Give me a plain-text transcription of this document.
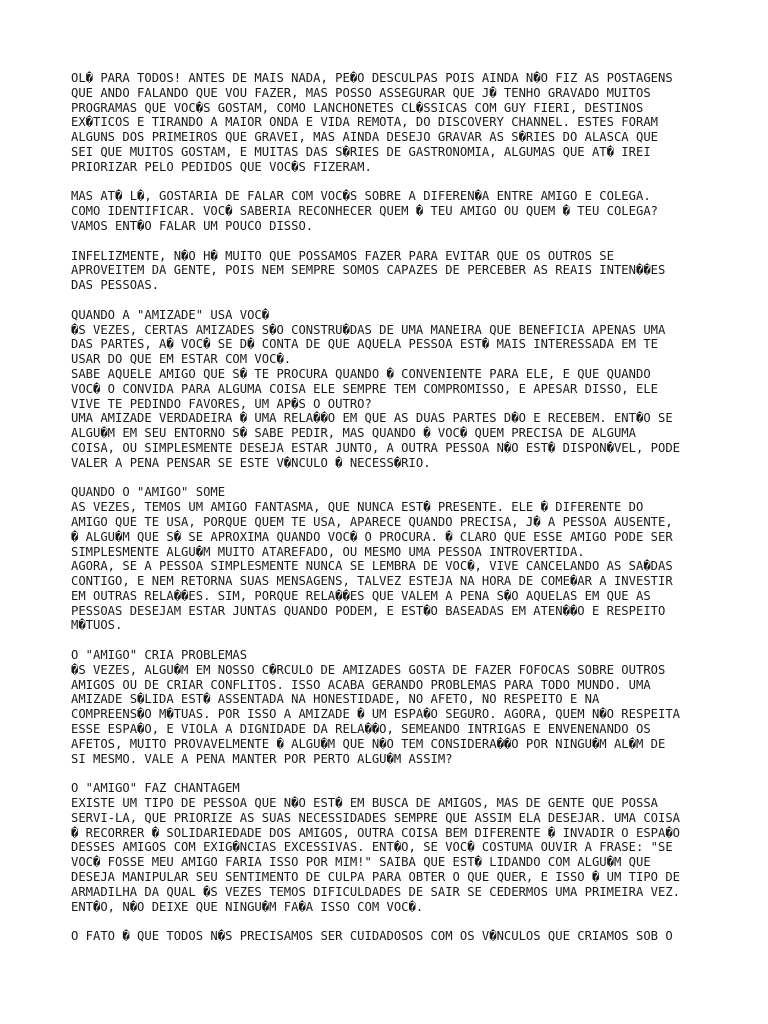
OL� PARA TODOS! ANTES DE MAIS NADA, PE�O DESCULPAS POIS AINDA N�O FIZ AS POSTAGENS
QUE ANDO FALANDO QUE VOU FAZER, MAS POSSO ASSEGURAR QUE J� TENHO GRAVADO MUITOS
PROGRAMAS QUE VOC�S GOSTAM, COMO LANCHONETES CL�SSICAS COM GUY FIERI, DESTINOS
EX�TICOS E TIRANDO A MAIOR ONDA E VIDA REMOTA, DO DISCOVERY CHANNEL. ESTES FORAM
ALGUNS DOS PRIMEIROS QUE GRAVEI, MAS AINDA DESEJO GRAVAR AS S�RIES DO ALASCA QUE
SEI QUE MUITOS GOSTAM, E MUITAS DAS S�RIES DE GASTRONOMIA, ALGUMAS QUE AT� IREI
PRIORIZAR PELO PEDIDOS QUE VOC�S FIZERAM.

MAS AT� L�, GOSTARIA DE FALAR COM VOC�S SOBRE A DIFEREN�A ENTRE AMIGO E COLEGA.
COMO IDENTIFICAR. VOC� SABERIA RECONHECER QUEM � TEU AMIGO OU QUEM � TEU COLEGA?
VAMOS ENT�O FALAR UM POUCO DISSO.

INFELIZMENTE, N�O H� MUITO QUE POSSAMOS FAZER PARA EVITAR QUE OS OUTROS SE
APROVEITEM DA GENTE, POIS NEM SEMPRE SOMOS CAPAZES DE PERCEBER AS REAIS INTEN��ES
DAS PESSOAS.

QUANDO A "AMIZADE" USA VOC�
�S VEZES, CERTAS AMIZADES S�O CONSTRU�DAS DE UMA MANEIRA QUE BENEFICIA APENAS UMA
DAS PARTES, A� VOC� SE D� CONTA DE QUE AQUELA PESSOA EST� MAIS INTERESSADA EM TE
USAR DO QUE EM ESTAR COM VOC�.
SABE AQUELE AMIGO QUE S� TE PROCURA QUANDO � CONVENIENTE PARA ELE, E QUE QUANDO
VOC� O CONVIDA PARA ALGUMA COISA ELE SEMPRE TEM COMPROMISSO, E APESAR DISSO, ELE
VIVE TE PEDINDO FAVORES, UM AP�S O OUTRO?
UMA AMIZADE VERDADEIRA � UMA RELA��O EM QUE AS DUAS PARTES D�O E RECEBEM. ENT�O SE
ALGU�M EM SEU ENTORNO S� SABE PEDIR, MAS QUANDO � VOC� QUEM PRECISA DE ALGUMA
COISA, OU SIMPLESMENTE DESEJA ESTAR JUNTO, A OUTRA PESSOA N�O EST� DISPON�VEL, PODE
VALER A PENA PENSAR SE ESTE V�NCULO � NECESS�RIO.

QUANDO O "AMIGO" SOME
AS VEZES, TEMOS UM AMIGO FANTASMA, QUE NUNCA EST� PRESENTE. ELE � DIFERENTE DO
AMIGO QUE TE USA, PORQUE QUEM TE USA, APARECE QUANDO PRECISA, J� A PESSOA AUSENTE,
� ALGU�M QUE S� SE APROXIMA QUANDO VOC� O PROCURA. � CLARO QUE ESSE AMIGO PODE SER
SIMPLESMENTE ALGU�M MUITO ATAREFADO, OU MESMO UMA PESSOA INTROVERTIDA.
AGORA, SE A PESSOA SIMPLESMENTE NUNCA SE LEMBRA DE VOC�, VIVE CANCELANDO AS SA�DAS
CONTIGO, E NEM RETORNA SUAS MENSAGENS, TALVEZ ESTEJA NA HORA DE COME�AR A INVESTIR
EM OUTRAS RELA��ES. SIM, PORQUE RELA��ES QUE VALEM A PENA S�O AQUELAS EM QUE AS
PESSOAS DESEJAM ESTAR JUNTAS QUANDO PODEM, E EST�O BASEADAS EM ATEN��O E RESPEITO
M�TUOS.

O "AMIGO" CRIA PROBLEMAS
�S VEZES, ALGU�M EM NOSSO C�RCULO DE AMIZADES GOSTA DE FAZER FOFOCAS SOBRE OUTROS
AMIGOS OU DE CRIAR CONFLITOS. ISSO ACABA GERANDO PROBLEMAS PARA TODO MUNDO. UMA
AMIZADE S�LIDA EST� ASSENTADA NA HONESTIDADE, NO AFETO, NO RESPEITO E NA
COMPREENS�O M�TUAS. POR ISSO A AMIZADE � UM ESPA�O SEGURO. AGORA, QUEM N�O RESPEITA
ESSE ESPA�O, E VIOLA A DIGNIDADE DA RELA��O, SEMEANDO INTRIGAS E ENVENENANDO OS
AFETOS, MUITO PROVAVELMENTE � ALGU�M QUE N�O TEM CONSIDERA��O POR NINGU�M AL�M DE
SI MESMO. VALE A PENA MANTER POR PERTO ALGU�M ASSIM?

O "AMIGO" FAZ CHANTAGEM
EXISTE UM TIPO DE PESSOA QUE N�O EST� EM BUSCA DE AMIGOS, MAS DE GENTE QUE POSSA
SERVI-LA, QUE PRIORIZE AS SUAS NECESSIDADES SEMPRE QUE ASSIM ELA DESEJAR. UMA COISA
� RECORRER � SOLIDARIEDADE DOS AMIGOS, OUTRA COISA BEM DIFERENTE � INVADIR O ESPA�O
DESSES AMIGOS COM EXIG�NCIAS EXCESSIVAS. ENT�O, SE VOC� COSTUMA OUVIR A FRASE: "SE
VOC� FOSSE MEU AMIGO FARIA ISSO POR MIM!" SAIBA QUE EST� LIDANDO COM ALGU�M QUE
DESEJA MANIPULAR SEU SENTIMENTO DE CULPA PARA OBTER O QUE QUER, E ISSO � UM TIPO DE
ARMADILHA DA QUAL �S VEZES TEMOS DIFICULDADES DE SAIR SE CEDERMOS UMA PRIMEIRA VEZ.
ENT�O, N�O DEIXE QUE NINGU�M FA�A ISSO COM VOC�.

O FATO � QUE TODOS N�S PRECISAMOS SER CUIDADOSOS COM OS V�NCULOS QUE CRIAMOS SOB O
